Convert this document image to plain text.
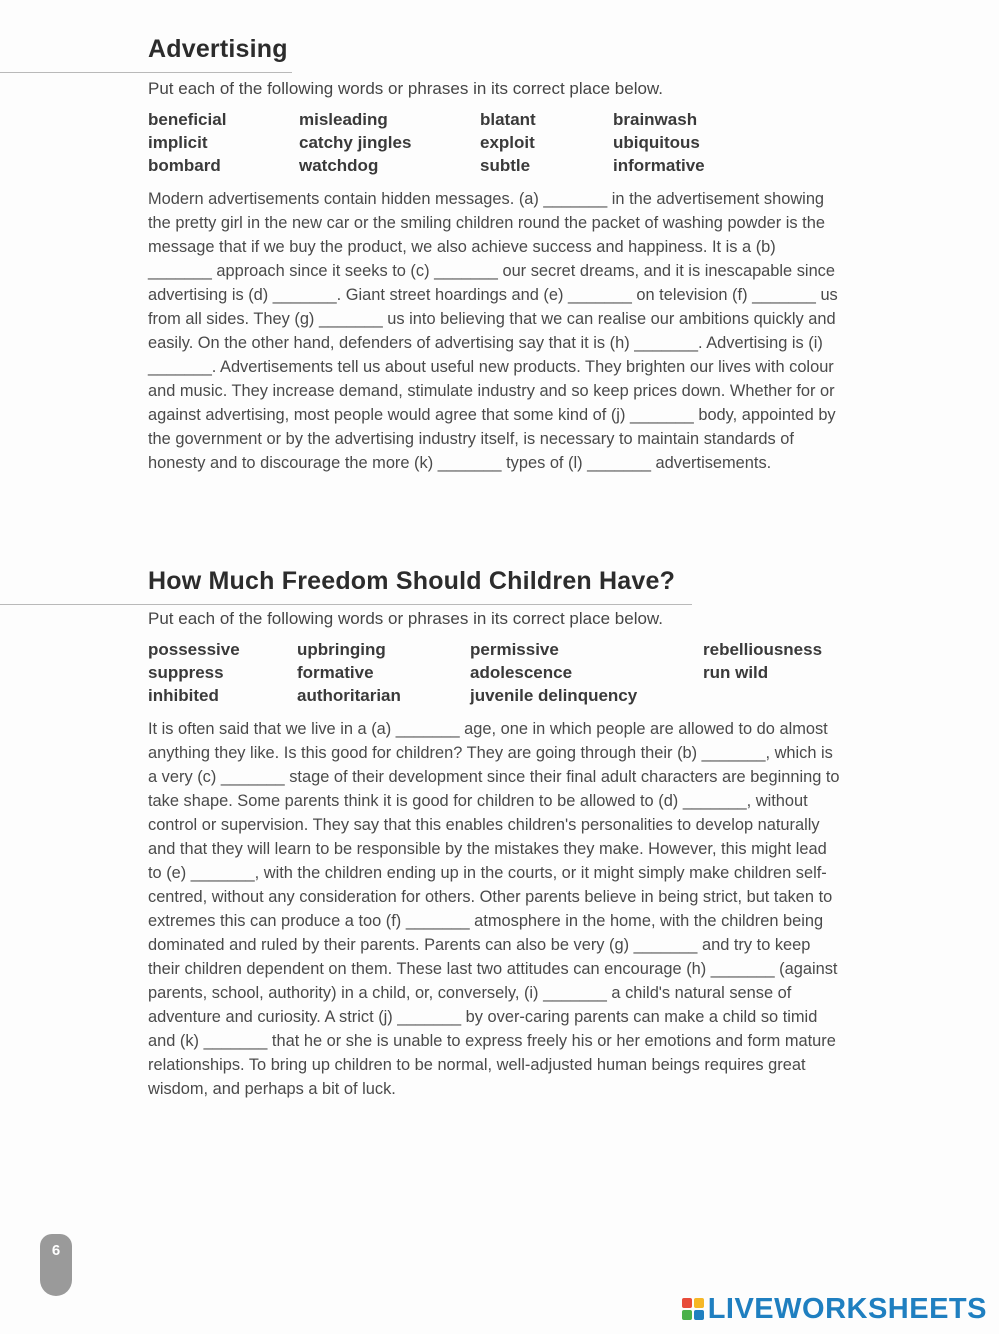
Advertising

Put each of the following words or phrases in its correct place below.

beneficial	misleading	blatant	brainwash
implicit	catchy jingles	exploit	ubiquitous
bombard	watchdog	subtle	informative

Modern advertisements contain hidden messages. (a) _______ in the advertisement showing the pretty girl in the new car or the smiling children round the packet of washing powder is the message that if we buy the product, we also achieve success and happiness. It is a (b) _______ approach since it seeks to (c) _______ our secret dreams, and it is inescapable since advertising is (d) _______. Giant street hoardings and (e) _______ on television (f) _______ us from all sides. They (g) _______ us into believing that we can realise our ambitions quickly and easily. On the other hand, defenders of advertising say that it is (h) _______. Advertising is (i) _______. Advertisements tell us about useful new products. They brighten our lives with colour and music. They increase demand, stimulate industry and so keep prices down. Whether for or against advertising, most people would agree that some kind of (j) _______ body, appointed by the government or by the advertising industry itself, is necessary to maintain standards of honesty and to discourage the more (k) _______ types of (l) _______ advertisements.

How Much Freedom Should Children Have?

Put each of the following words or phrases in its correct place below.

possessive	upbringing	permissive	rebelliousness
suppress	formative	adolescence	run wild
inhibited	authoritarian	juvenile delinquency

It is often said that we live in a (a) _______ age, one in which people are allowed to do almost anything they like. Is this good for children? They are going through their (b) _______, which is a very (c) _______ stage of their development since their final adult characters are beginning to take shape. Some parents think it is good for children to be allowed to (d) _______, without control or supervision. They say that this enables children's personalities to develop naturally and that they will learn to be responsible by the mistakes they make. However, this might lead to (e) _______, with the children ending up in the courts, or it might simply make children self-centred, without any consideration for others. Other parents believe in being strict, but taken to extremes this can produce a too (f) _______ atmosphere in the home, with the children being dominated and ruled by their parents. Parents can also be very (g) _______ and try to keep their children dependent on them. These last two attitudes can encourage (h) _______ (against parents, school, authority) in a child, or, conversely, (i) _______ a child's natural sense of adventure and curiosity. A strict (j) _______ by over-caring parents can make a child so timid and (k) _______ that he or she is unable to express freely his or her emotions and form mature relationships. To bring up children to be normal, well-adjusted human beings requires great wisdom, and perhaps a bit of luck.

6
LIVEWORKSHEETS
